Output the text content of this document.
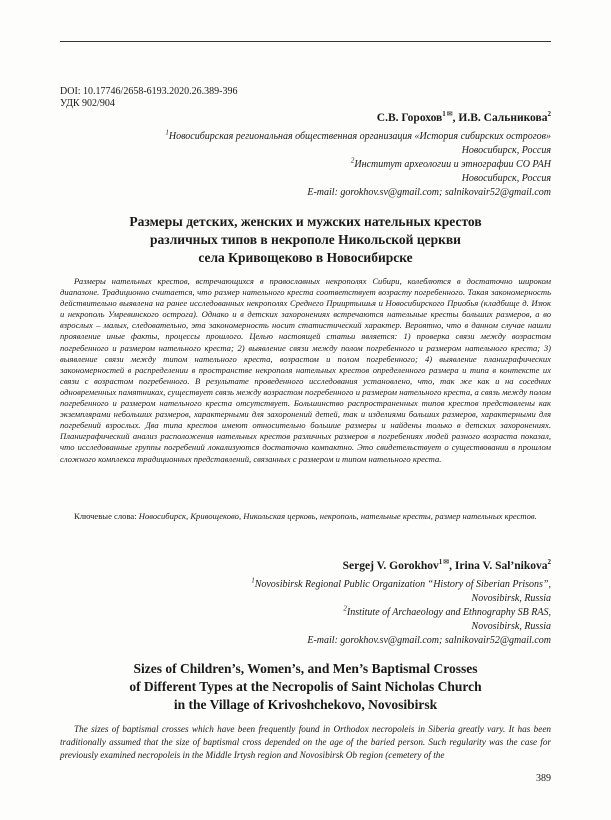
DOI: 10.17746/2658-6193.2020.26.389-396
УДК 902/904
С.В. Горохов$^{1✉}$, И.В. Сальникова$^2$
$^1$Новосибирская региональная общественная организация «История сибирских острогов»
Новосибирск, Россия
$^2$Институт археологии и этнографии СО РАН
Новосибирск, Россия
E-mail: gorokhov.sv@gmail.com; salnikovair52@gmail.com
Размеры детских, женских и мужских нательных крестов
различных типов в некрополе Никольской церкви
села Кривощеково в Новосибирске
Размеры нательных крестов, встречающихся в православных некрополях Сибири, колеблются в достаточно широком диапазоне. Традиционно считается, что размер нательного креста соответствует возрасту погребенного. Такая закономерность действительно выявлена на ранее исследованных некрополях Среднего Прииртышья и Новосибирского Приобья (кладбище д. Изюк и некрополь Умревинского острога). Однако и в детских захоронениях встречаются нательные кресты больших размеров, а во взрослых – малых, следовательно, эта закономерность носит статистический характер. Вероятно, что в данном случае нашли проявление иные факты, процессы прошлого. Целью настоящей статьи является: 1) проверка связи между возрастом погребенного и размером нательного креста; 2) выявление связи между полом погребенного и размером нательного креста; 3) выявление связи между типом нательного креста, возрастом и полом погребенного; 4) выявление планиграфических закономерностей в распределении в пространстве некрополя нательных крестов определенного размера и типа в контексте их связи с возрастом погребенного. В результате проведенного исследования установлено, что, так же как и на соседних одновременных памятниках, существует связь между возрастом погребенного и размером нательного креста, а связь между полом погребенного и размером нательного креста отсутствует. Большинство распространенных типов крестов представлены как экземплярами небольших размеров, характерными для захоронений детей, так и изделиями больших размеров, характерными для погребений взрослых. Два типа крестов имеют относительно большие размеры и найдены только в детских захоронениях. Планиграфический анализ расположения нательных крестов различных размеров в погребениях людей разного возраста показал, что исследованные группы погребений локализуются достаточно компактно. Это свидетельствует о существовании в прошлом сложного комплекса традиционных представлений, связанных с размером и типом нательного креста.
Ключевые слова: Новосибирск, Кривощеково, Никольская церковь, некрополь, нательные кресты, размер нательных крестов.
Sergej V. Gorokhov$^{1✉}$, Irina V. Sal’nikova$^2$
$^1$Novosibirsk Regional Public Organization “History of Siberian Prisons”,
Novosibirsk, Russia
$^2$Institute of Archaeology and Ethnography SB RAS,
Novosibirsk, Russia
E-mail: gorokhov.sv@gmail.com; salnikovair52@gmail.com
Sizes of Children’s, Women’s, and Men’s Baptismal Crosses
of Different Types at the Necropolis of Saint Nicholas Church
in the Village of Krivoshchekovo, Novosibirsk
The sizes of baptismal crosses which have been frequently found in Orthodox necropoleis in Siberia greatly vary. It has been traditionally assumed that the size of baptismal cross depended on the age of the baried person. Such regularity was the case for previously examined necropoleis in the Middle Irtysh region and Novosibirsk Ob region (cemetery of the
389
